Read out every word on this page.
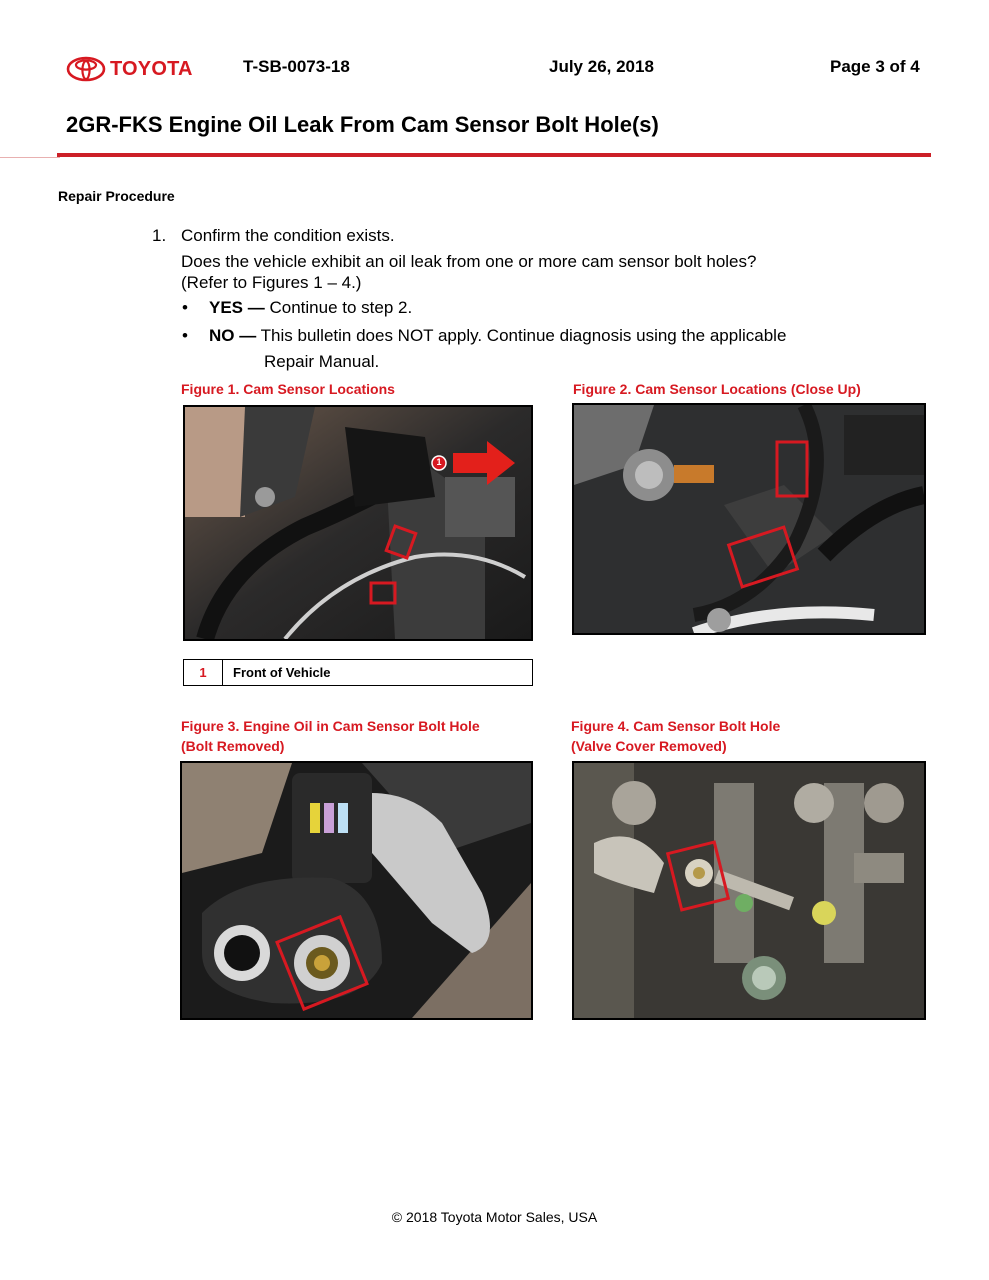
TOYOTA	T-SB-0073-18	July 26, 2018	Page 3 of 4
2GR-FKS Engine Oil Leak From Cam Sensor Bolt Hole(s)
Repair Procedure
1. Confirm the condition exists.
Does the vehicle exhibit an oil leak from one or more cam sensor bolt holes?
(Refer to Figures 1 – 4.)
• YES — Continue to step 2.
• NO — This bulletin does NOT apply. Continue diagnosis using the applicable
Repair Manual.
Figure 1. Cam Sensor Locations	Figure 2. Cam Sensor Locations (Close Up)
1
1	Front of Vehicle
Figure 3. Engine Oil in Cam Sensor Bolt Hole
(Bolt Removed)
Figure 4. Cam Sensor Bolt Hole
(Valve Cover Removed)
© 2018 Toyota Motor Sales, USA
